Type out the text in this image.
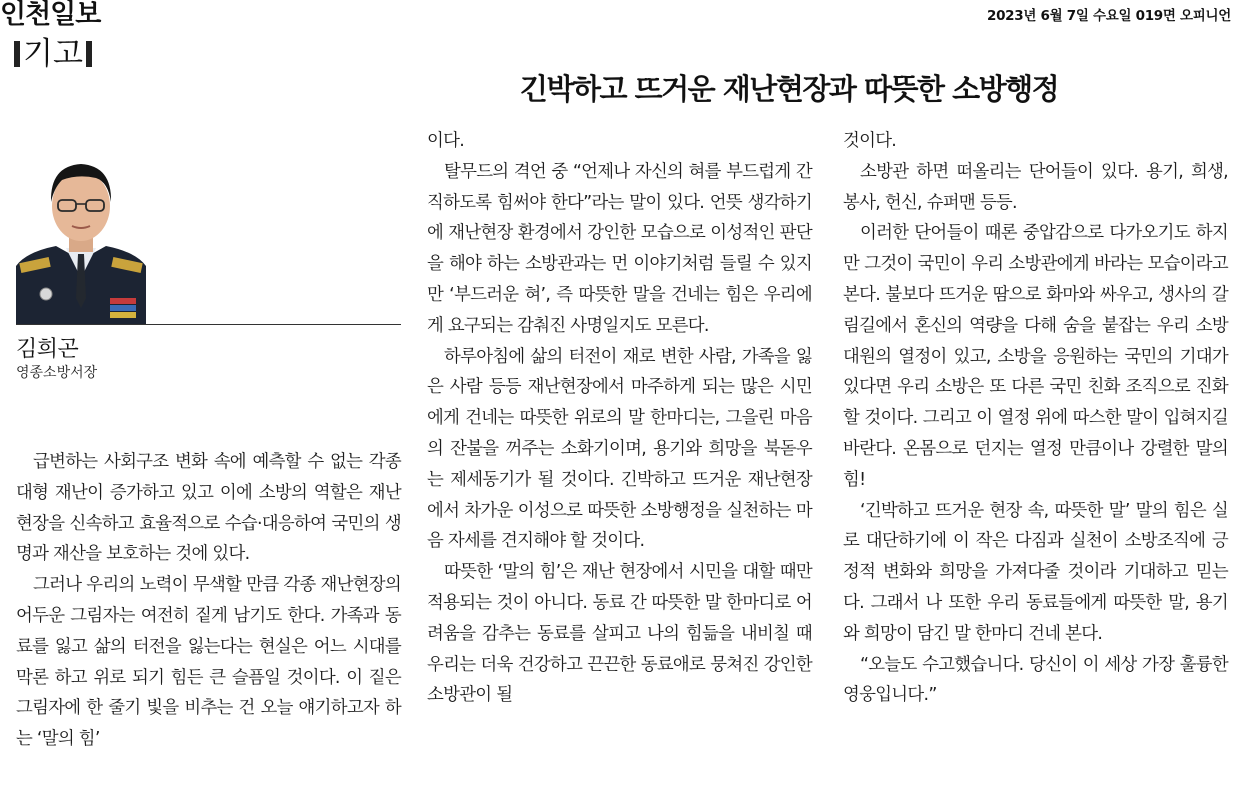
인천일보	2023년 6월 7일 수요일 019면 오피니언
기고
긴박하고 뜨거운 재난현장과 따뜻한 소방행정
김희곤
영종소방서장

급변하는 사회구조 변화 속에 예측할 수 없는 각종 대형 재난이 증가하고 있고 이에 소방의 역할은 재난현장을 신속하고 효율적으로 수습·대응하여 국민의 생명과 재산을 보호하는 것에 있다.

그러나 우리의 노력이 무색할 만큼 각종 재난현장의 어두운 그림자는 여전히 짙게 남기도 한다. 가족과 동료를 잃고 삶의 터전을 잃는다는 현실은 어느 시대를 막론 하고 위로 되기 힘든 큰 슬픔일 것이다. 이 짙은 그림자에 한 줄기 빛을 비추는 건 오늘 얘기하고자 하는 ‘말의 힘’

이다.

탈무드의 격언 중 “언제나 자신의 혀를 부드럽게 간직하도록 힘써야 한다”라는 말이 있다. 언뜻 생각하기에 재난현장 환경에서 강인한 모습으로 이성적인 판단을 해야 하는 소방관과는 먼 이야기처럼 들릴 수 있지만 ‘부드러운 혀’, 즉 따뜻한 말을 건네는 힘은 우리에게 요구되는 감춰진 사명일지도 모른다.

하루아침에 삶의 터전이 재로 변한 사람, 가족을 잃은 사람 등등 재난현장에서 마주하게 되는 많은 시민에게 건네는 따뜻한 위로의 말 한마디는, 그을린 마음의 잔불을 꺼주는 소화기이며, 용기와 희망을 북돋우는 제세동기가 될 것이다. 긴박하고 뜨거운 재난현장에서 차가운 이성으로 따뜻한 소방행정을 실천하는 마음 자세를 견지해야 할 것이다.

따뜻한 ‘말의 힘’은 재난 현장에서 시민을 대할 때만 적용되는 것이 아니다. 동료 간 따뜻한 말 한마디로 어려움을 감추는 동료를 살피고 나의 힘듦을 내비칠 때 우리는 더욱 건강하고 끈끈한 동료애로 뭉쳐진 강인한 소방관이 될

것이다.

소방관 하면 떠올리는 단어들이 있다. 용기, 희생, 봉사, 헌신, 슈퍼맨 등등.

이러한 단어들이 때론 중압감으로 다가오기도 하지만 그것이 국민이 우리 소방관에게 바라는 모습이라고 본다. 불보다 뜨거운 땀으로 화마와 싸우고, 생사의 갈림길에서 혼신의 역량을 다해 숨을 붙잡는 우리 소방대원의 열정이 있고, 소방을 응원하는 국민의 기대가 있다면 우리 소방은 또 다른 국민 친화 조직으로 진화할 것이다. 그리고 이 열정 위에 따스한 말이 입혀지길 바란다. 온몸으로 던지는 열정 만큼이나 강렬한 말의 힘!

‘긴박하고 뜨거운 현장 속, 따뜻한 말’ 말의 힘은 실로 대단하기에 이 작은 다짐과 실천이 소방조직에 긍정적 변화와 희망을 가져다줄 것이라 기대하고 믿는다. 그래서 나 또한 우리 동료들에게 따뜻한 말, 용기와 희망이 담긴 말 한마디 건네 본다.

“오늘도 수고했습니다. 당신이 이 세상 가장 훌륭한 영웅입니다.”
